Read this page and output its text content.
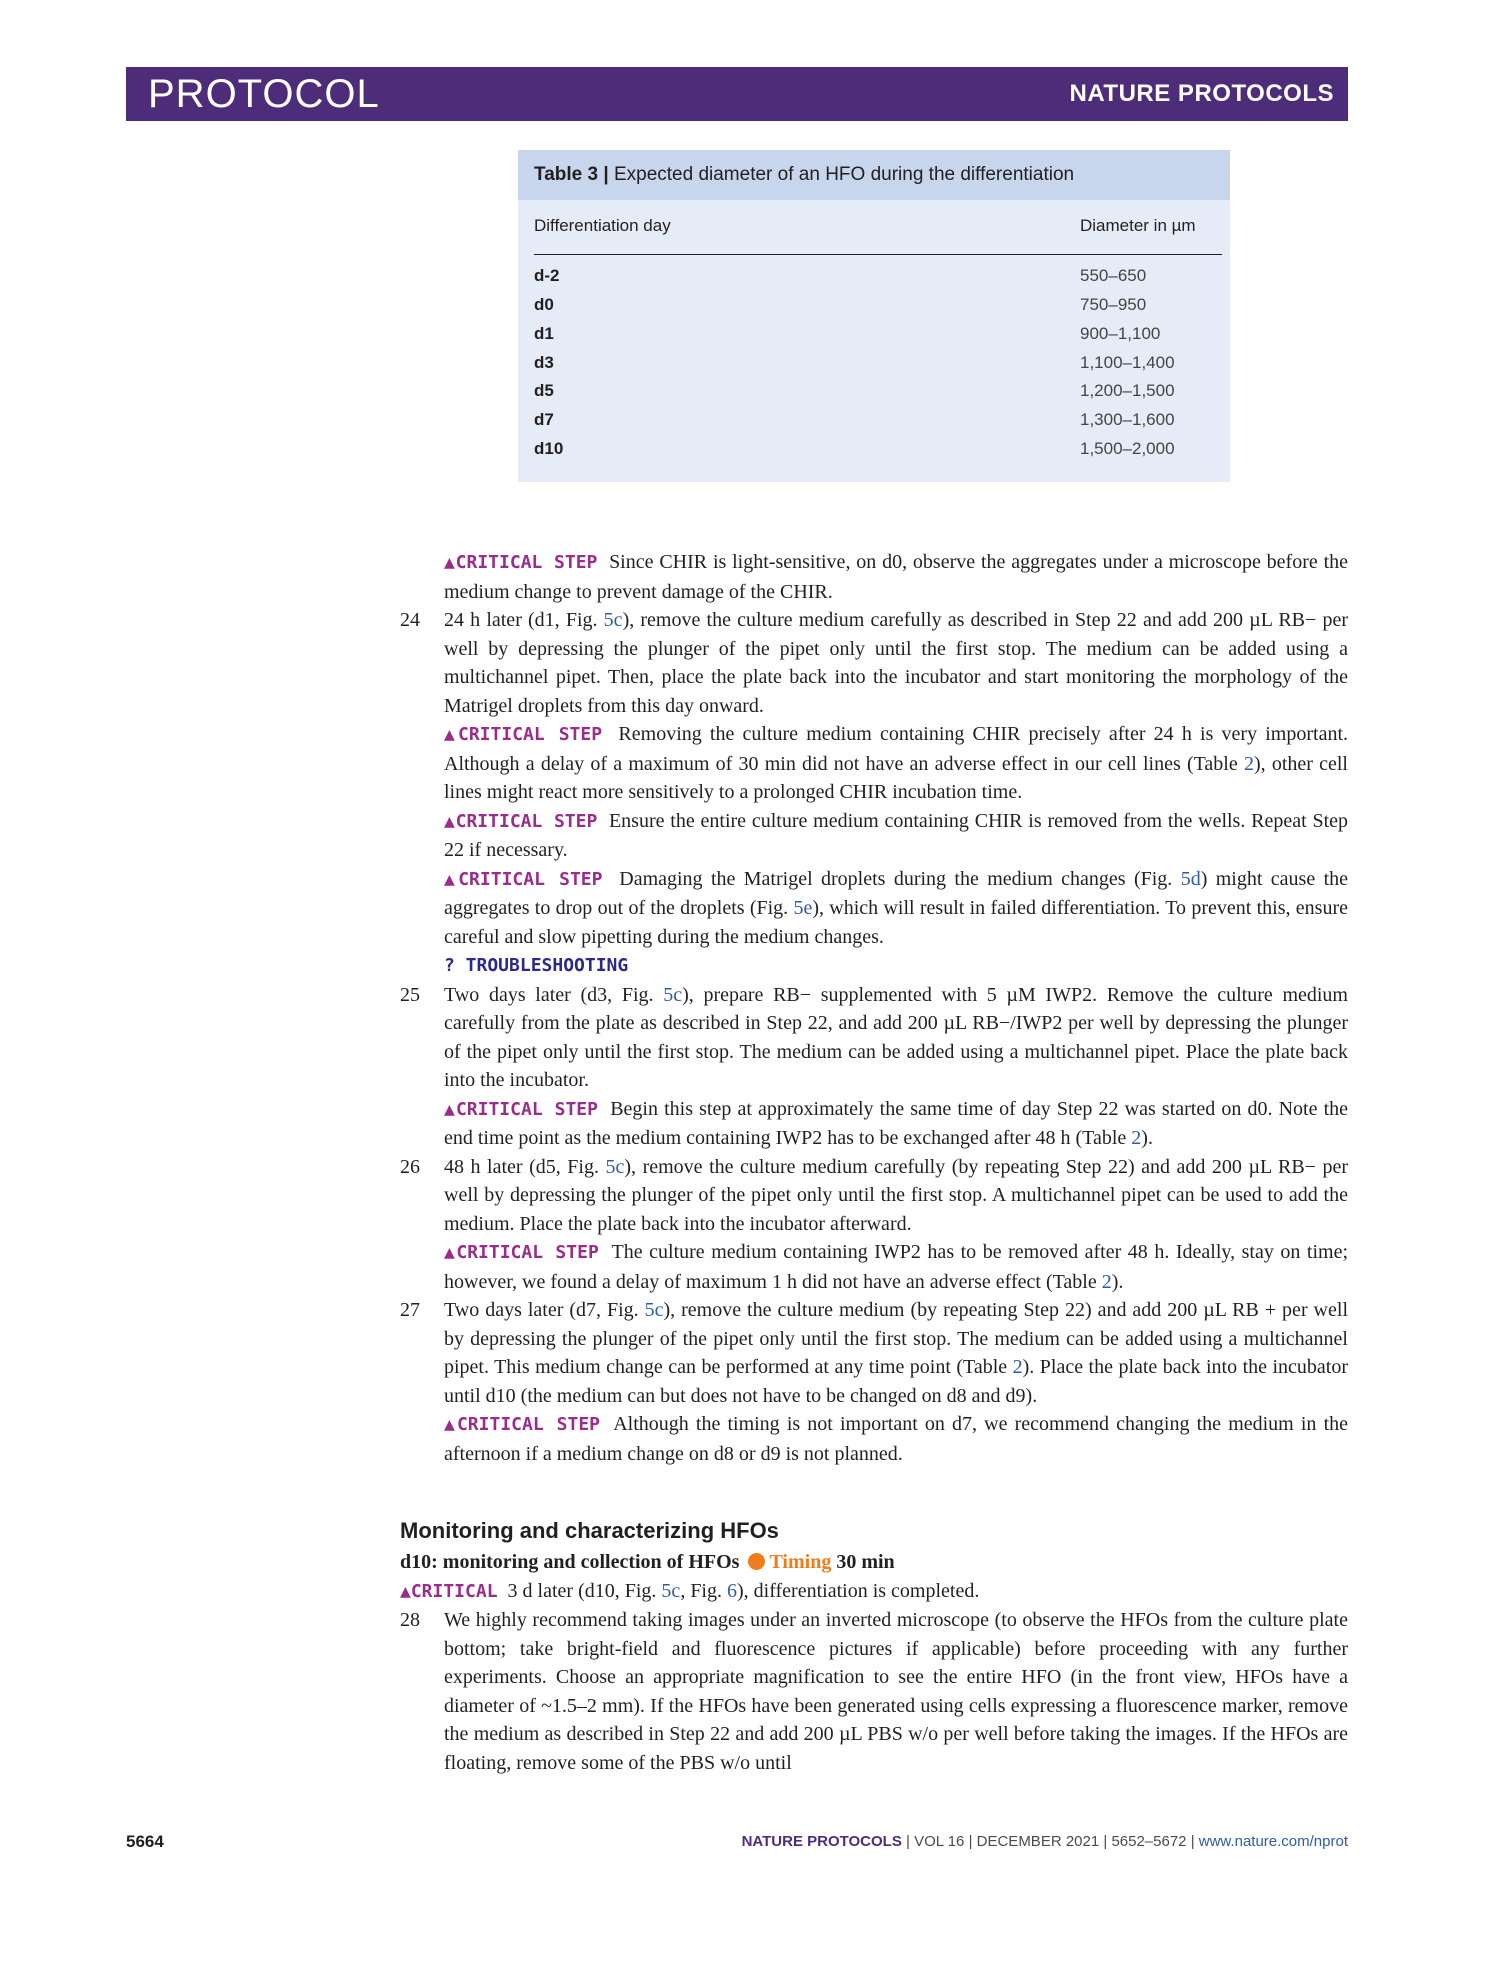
PROTOCOL	NATURE PROTOCOLS
Table 3 | Expected diameter of an HFO during the differentiation
Differentiation day	Diameter in µm
d-2	550–650
d0	750–950
d1	900–1,100
d3	1,100–1,400
d5	1,200–1,500
d7	1,300–1,600
d10	1,500–2,000
▲CRITICAL STEP Since CHIR is light-sensitive, on d0, observe the aggregates under a microscope before the medium change to prevent damage of the CHIR.
24 24 h later (d1, Fig. 5c), remove the culture medium carefully as described in Step 22 and add 200 µL RB− per well by depressing the plunger of the pipet only until the first stop. The medium can be added using a multichannel pipet. Then, place the plate back into the incubator and start monitoring the morphology of the Matrigel droplets from this day onward.
▲CRITICAL STEP Removing the culture medium containing CHIR precisely after 24 h is very important. Although a delay of a maximum of 30 min did not have an adverse effect in our cell lines (Table 2), other cell lines might react more sensitively to a prolonged CHIR incubation time.
▲CRITICAL STEP Ensure the entire culture medium containing CHIR is removed from the wells. Repeat Step 22 if necessary.
▲CRITICAL STEP Damaging the Matrigel droplets during the medium changes (Fig. 5d) might cause the aggregates to drop out of the droplets (Fig. 5e), which will result in failed differentiation. To prevent this, ensure careful and slow pipetting during the medium changes.
? TROUBLESHOOTING
25 Two days later (d3, Fig. 5c), prepare RB− supplemented with 5 µM IWP2. Remove the culture medium carefully from the plate as described in Step 22, and add 200 µL RB−/IWP2 per well by depressing the plunger of the pipet only until the first stop. The medium can be added using a multichannel pipet. Place the plate back into the incubator.
▲CRITICAL STEP Begin this step at approximately the same time of day Step 22 was started on d0. Note the end time point as the medium containing IWP2 has to be exchanged after 48 h (Table 2).
26 48 h later (d5, Fig. 5c), remove the culture medium carefully (by repeating Step 22) and add 200 µL RB− per well by depressing the plunger of the pipet only until the first stop. A multichannel pipet can be used to add the medium. Place the plate back into the incubator afterward.
▲CRITICAL STEP The culture medium containing IWP2 has to be removed after 48 h. Ideally, stay on time; however, we found a delay of maximum 1 h did not have an adverse effect (Table 2).
27 Two days later (d7, Fig. 5c), remove the culture medium (by repeating Step 22) and add 200 µL RB + per well by depressing the plunger of the pipet only until the first stop. The medium can be added using a multichannel pipet. This medium change can be performed at any time point (Table 2). Place the plate back into the incubator until d10 (the medium can but does not have to be changed on d8 and d9).
▲CRITICAL STEP Although the timing is not important on d7, we recommend changing the medium in the afternoon if a medium change on d8 or d9 is not planned.
Monitoring and characterizing HFOs
d10: monitoring and collection of HFOs Timing 30 min
▲CRITICAL 3 d later (d10, Fig. 5c, Fig. 6), differentiation is completed.
28 We highly recommend taking images under an inverted microscope (to observe the HFOs from the culture plate bottom; take bright-field and fluorescence pictures if applicable) before proceeding with any further experiments. Choose an appropriate magnification to see the entire HFO (in the front view, HFOs have a diameter of ~1.5–2 mm). If the HFOs have been generated using cells expressing a fluorescence marker, remove the medium as described in Step 22 and add 200 µL PBS w/o per well before taking the images. If the HFOs are floating, remove some of the PBS w/o until
5664	NATURE PROTOCOLS | VOL 16 | DECEMBER 2021 | 5652–5672 | www.nature.com/nprot
